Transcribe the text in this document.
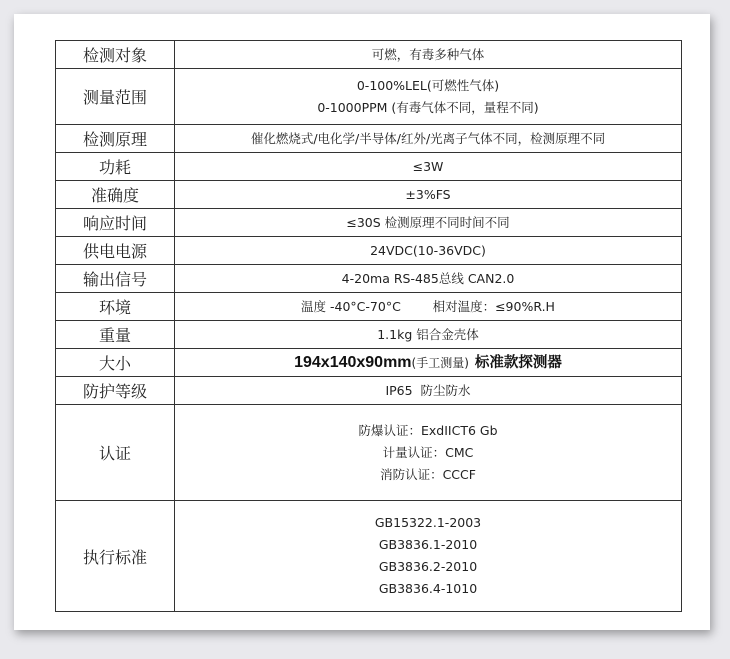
检测对象	可燃，有毒多种气体

测量范围	0-100%LEL(可燃性气体)
0-1000PPM (有毒气体不同，量程不同)

检测原理	催化燃烧式/电化学/半导体/红外/光离子气体不同，检测原理不同

功耗	≤3W

准确度	±3%FS

响应时间	≤30S 检测原理不同时间不同

供电电源	24VDC(10-36VDC)

输出信号	4-20ma RS-485总线 CAN2.0

环境	温度 -40°C-70°C        相对温度：≤90%R.H

重量	1.1kg 铝合金壳体

大小	194x140x90mm(手工测量) 标准款探测器
防护等级	IP65  防尘防水

认证	防爆认证：ExdIICT6 Gb
计量认证：CMC
消防认证：CCCF

执行标准	GB15322.1-2003
GB3836.1-2010
GB3836.2-2010
GB3836.4-1010
